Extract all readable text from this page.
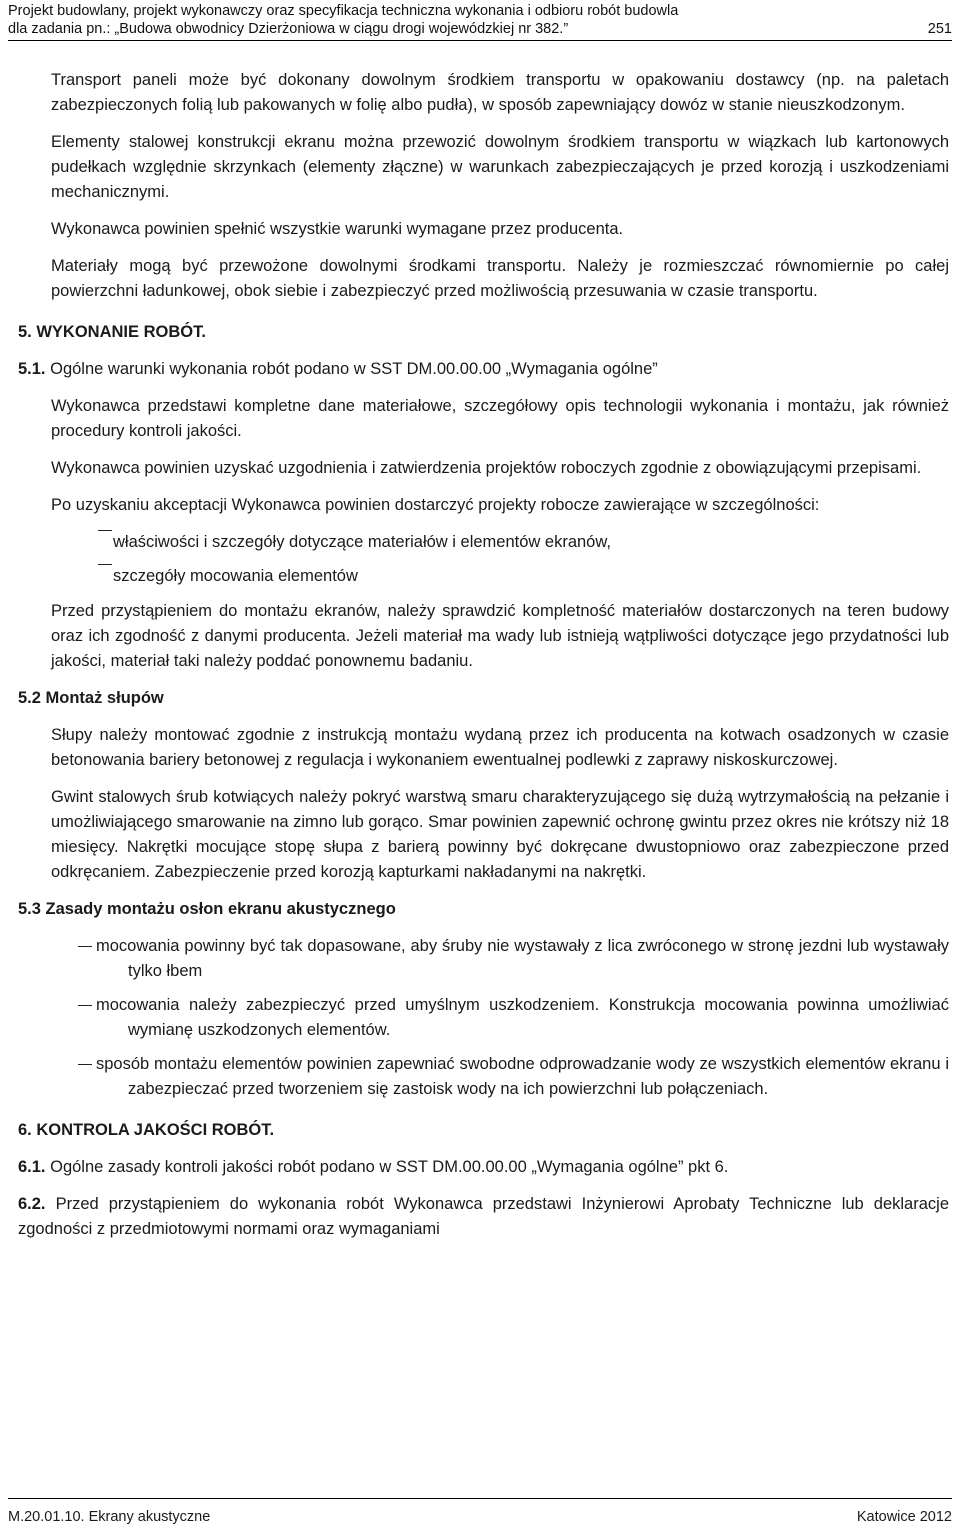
Projekt budowlany, projekt wykonawczy oraz specyfikacja techniczna wykonania i odbioru robót budowla
dla zadania pn.: „Budowa obwodnicy Dzierżoniowa w ciągu drogi wojewódzkiej nr 382.”	251

Transport paneli może być dokonany dowolnym środkiem transportu w opakowaniu dostawcy (np. na paletach zabezpieczonych folią lub pakowanych w folię albo pudła), w sposób zapewniający dowóz w stanie nieuszkodzonym.

Elementy stalowej konstrukcji ekranu można przewozić dowolnym środkiem transportu w wiązkach lub kartonowych pudełkach względnie skrzynkach (elementy złączne) w warunkach zabezpieczających je przed korozją i uszkodzeniami mechanicznymi.

Wykonawca powinien spełnić wszystkie warunki wymagane przez producenta.

Materiały mogą być przewożone dowolnymi środkami transportu. Należy je rozmieszczać równomiernie po całej powierzchni ładunkowej, obok siebie i zabezpieczyć przed możliwością przesuwania w czasie transportu.

5. WYKONANIE ROBÓT.
5.1. Ogólne warunki wykonania robót podano w SST DM.00.00.00 „Wymagania ogólne”

Wykonawca przedstawi kompletne dane materiałowe, szczegółowy opis technologii wykonania i montażu, jak również procedury kontroli jakości.

Wykonawca powinien uzyskać uzgodnienia i zatwierdzenia projektów roboczych zgodnie z obowiązującymi przepisami.

Po uzyskaniu akceptacji Wykonawca powinien dostarczyć projekty robocze zawierające w szczególności:

właściwości i szczegóły dotyczące materiałów i elementów ekranów,
szczegóły mocowania elementów

Przed przystąpieniem do montażu ekranów, należy sprawdzić kompletność materiałów dostarczonych na teren budowy oraz ich zgodność z danymi producenta. Jeżeli materiał ma wady lub istnieją wątpliwości dotyczące jego przydatności lub jakości, materiał taki należy poddać ponownemu badaniu.

5.2 Montaż słupów

Słupy należy montować zgodnie z instrukcją montażu wydaną przez ich producenta na kotwach osadzonych w czasie betonowania bariery betonowej z regulacja i wykonaniem ewentualnej podlewki z zaprawy niskoskurczowej.

Gwint stalowych śrub kotwiących należy pokryć warstwą smaru charakteryzującego się dużą wytrzymałością na pełzanie i umożliwiającego smarowanie na zimno lub gorąco. Smar powinien zapewnić ochronę gwintu przez okres nie krótszy niż 18 miesięcy. Nakrętki mocujące stopę słupa z barierą powinny być dokręcane dwustopniowo oraz zabezpieczone przed odkręcaniem. Zabezpieczenie przed korozją kapturkami nakładanymi na nakrętki.

5.3 Zasady montażu osłon ekranu akustycznego
mocowania powinny być tak dopasowane, aby śruby nie wystawały z lica zwróconego w stronę jezdni lub wystawały tylko łbem
mocowania należy zabezpieczyć przed umyślnym uszkodzeniem. Konstrukcja mocowania powinna umożliwiać wymianę uszkodzonych elementów.
sposób montażu elementów powinien zapewniać swobodne odprowadzanie wody ze wszystkich elementów ekranu i zabezpieczać przed tworzeniem się zastoisk wody na ich powierzchni lub połączeniach.
6. KONTROLA JAKOŚCI ROBÓT.
6.1. Ogólne zasady kontroli jakości robót podano w SST DM.00.00.00 „Wymagania ogólne” pkt 6.
6.2. Przed przystąpieniem do wykonania robót Wykonawca przedstawi Inżynierowi Aprobaty Techniczne lub deklaracje zgodności z przedmiotowymi normami oraz wymaganiami
M.20.01.10. Ekrany akustyczne	Katowice 2012
